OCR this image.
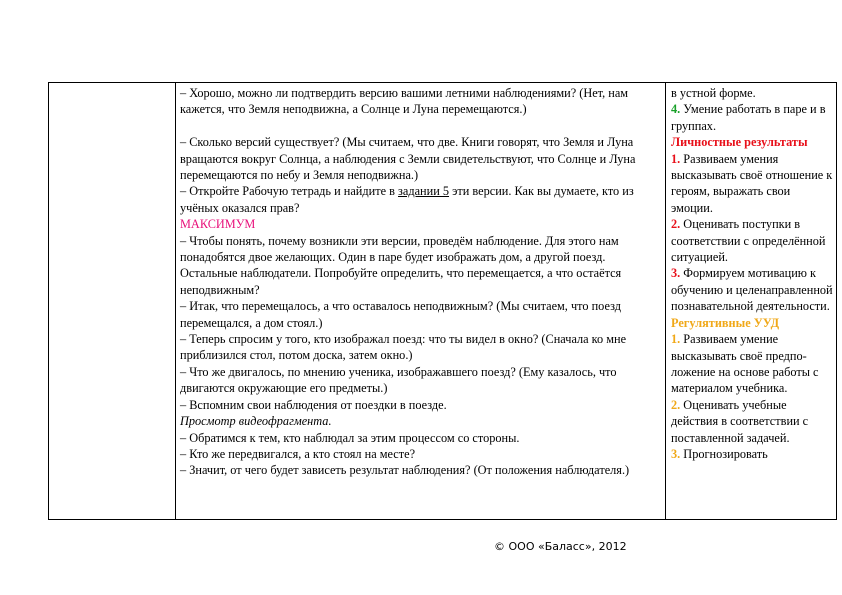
– Хорошо, можно ли подтвердить версию вашими летними наблюдениями? (Нет, нам кажется, что Земля неподвижна, а Солнце и Луна перемещаются.)

– Сколько версий существует? (Мы считаем, что две. Книги говорят, что Земля и Луна вращаются вокруг Солнца, а наблюдения с Земли свидетельствуют, что Солнце и Луна перемещаются по небу и Земля неподвижна.)

– Откройте Рабочую тетрадь и найдите в задании 5 эти версии. Как вы думаете, кто из учёных оказался прав?

МАКСИМУМ

– Чтобы понять, почему возникли эти версии, проведём наблюдение. Для этого нам понадобятся двое желающих. Один в паре будет изображать дом, а другой поезд. Остальные наблюдатели. Попробуйте определить, что перемещается, а что остаётся неподвижным?

– Итак, что перемещалось, а что оставалось неподвижным? (Мы считаем, что поезд перемещался, а дом стоял.)

– Теперь спросим у того, кто изображал поезд: что ты видел в окно? (Сначала ко мне приблизился стол, потом доска, затем окно.)

– Что же двигалось, по мнению ученика, изображавшего поезд? (Ему казалось, что двигаются окружающие его предметы.)

– Вспомним свои наблюдения от поездки в поезде.

Просмотр видеофрагмента.

– Обратимся к тем, кто наблюдал за этим процессом со стороны.

– Кто же передвигался, а кто стоял на месте?

– Значит, от чего будет зависеть результат наблюдения? (От положения наблюдателя.)

в устной форме.

4. Умение работать в паре и в группах.

Личностные результаты

1. Развиваем умения высказывать своё отношение к героям, выражать свои эмоции.

2. Оценивать поступки в соответствии с определённой ситуацией.

3. Формируем мотивацию к обучению и целенаправленной познавательной деятельности.

Регулятивные УУД

1. Развиваем умение высказывать своё предпо-ложение на основе работы с материалом учебника.

2. Оценивать учебные действия в соответствии с поставленной задачей.

3. Прогнозировать

© ООО «Баласс», 2012
